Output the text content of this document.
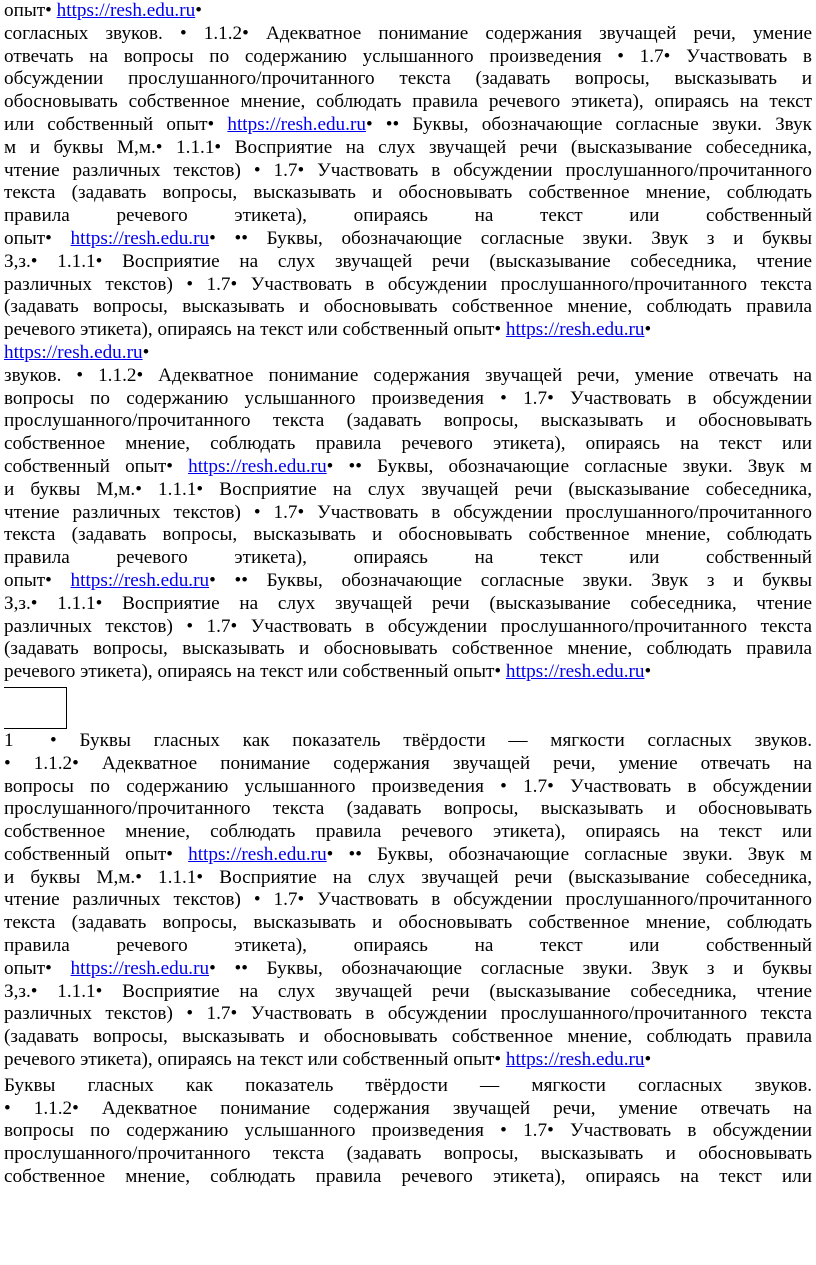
опыт• https://resh.edu.ru•
согласных звуков. • 1.1.2• Адекватное понимание содержания звучащей речи, умение
отвечать на вопросы по содержанию услышанного произведения • 1.7• Участвовать в
обсуждении прослушанного/прочитанного текста (задавать вопросы, высказывать и
обосновывать собственное мнение, соблюдать правила речевого этикета), опираясь на текст
или собственный опыт• https://resh.edu.ru• •• Буквы, обозначающие согласные звуки. Звук
м и буквы М,м.• 1.1.1• Восприятие на слух звучащей речи (высказывание собеседника,
чтение различных текстов) • 1.7• Участвовать в обсуждении прослушанного/прочитанного
текста (задавать вопросы, высказывать и обосновывать собственное мнение, соблюдать
правила речевого этикета), опираясь на текст или собственный
опыт• https://resh.edu.ru• •• Буквы, обозначающие согласные звуки. Звук з и буквы
З,з.• 1.1.1• Восприятие на слух звучащей речи (высказывание собеседника, чтение
различных текстов) • 1.7• Участвовать в обсуждении прослушанного/прочитанного текста
(задавать вопросы, высказывать и обосновывать собственное мнение, соблюдать правила
речевого этикета), опираясь на текст или собственный опыт• https://resh.edu.ru•
https://resh.edu.ru•
звуков. • 1.1.2• Адекватное понимание содержания звучащей речи, умение отвечать на
вопросы по содержанию услышанного произведения • 1.7• Участвовать в обсуждении
прослушанного/прочитанного текста (задавать вопросы, высказывать и обосновывать
собственное мнение, соблюдать правила речевого этикета), опираясь на текст или
собственный опыт• https://resh.edu.ru• •• Буквы, обозначающие согласные звуки. Звук м
и буквы М,м.• 1.1.1• Восприятие на слух звучащей речи (высказывание собеседника,
чтение различных текстов) • 1.7• Участвовать в обсуждении прослушанного/прочитанного
текста (задавать вопросы, высказывать и обосновывать собственное мнение, соблюдать
правила речевого этикета), опираясь на текст или собственный
опыт• https://resh.edu.ru• •• Буквы, обозначающие согласные звуки. Звук з и буквы
З,з.• 1.1.1• Восприятие на слух звучащей речи (высказывание собеседника, чтение
различных текстов) • 1.7• Участвовать в обсуждении прослушанного/прочитанного текста
(задавать вопросы, высказывать и обосновывать собственное мнение, соблюдать правила
речевого этикета), опираясь на текст или собственный опыт• https://resh.edu.ru•
1 • Буквы гласных как показатель твёрдости — мягкости согласных звуков.
• 1.1.2• Адекватное понимание содержания звучащей речи, умение отвечать на
вопросы по содержанию услышанного произведения • 1.7• Участвовать в обсуждении
прослушанного/прочитанного текста (задавать вопросы, высказывать и обосновывать
собственное мнение, соблюдать правила речевого этикета), опираясь на текст или
собственный опыт• https://resh.edu.ru• •• Буквы, обозначающие согласные звуки. Звук м
и буквы М,м.• 1.1.1• Восприятие на слух звучащей речи (высказывание собеседника,
чтение различных текстов) • 1.7• Участвовать в обсуждении прослушанного/прочитанного
текста (задавать вопросы, высказывать и обосновывать собственное мнение, соблюдать
правила речевого этикета), опираясь на текст или собственный
опыт• https://resh.edu.ru• •• Буквы, обозначающие согласные звуки. Звук з и буквы
З,з.• 1.1.1• Восприятие на слух звучащей речи (высказывание собеседника, чтение
различных текстов) • 1.7• Участвовать в обсуждении прослушанного/прочитанного текста
(задавать вопросы, высказывать и обосновывать собственное мнение, соблюдать правила
речевого этикета), опираясь на текст или собственный опыт• https://resh.edu.ru•
Буквы гласных как показатель твёрдости — мягкости согласных звуков.
• 1.1.2• Адекватное понимание содержания звучащей речи, умение отвечать на
вопросы по содержанию услышанного произведения • 1.7• Участвовать в обсуждении
прослушанного/прочитанного текста (задавать вопросы, высказывать и обосновывать
собственное мнение, соблюдать правила речевого этикета), опираясь на текст или
